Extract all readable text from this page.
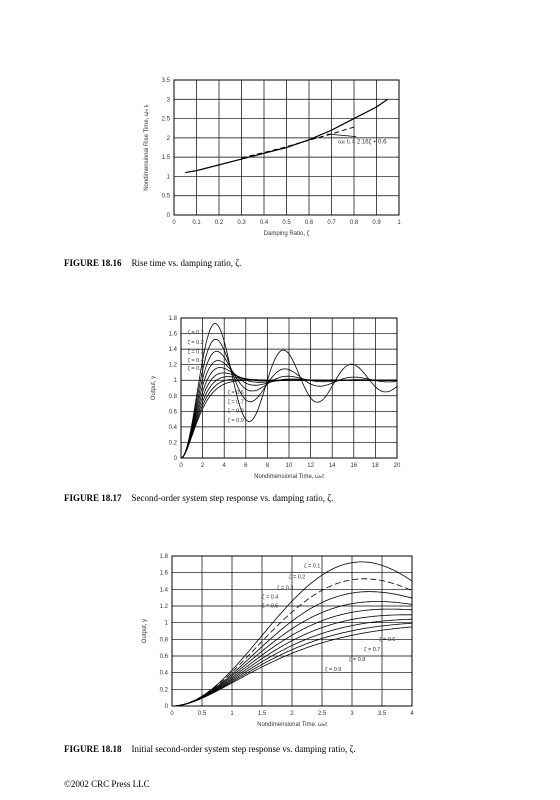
0	0.1 0.2 0.3 0.4 0.5 0.6 0.7 0.8 0.9	1
0
0.5
1
1.5
2
2.5
3
3.5
Damping Ratio, ζ
Nondimensional Rise Time, ωₙ tᵣ	ωₙ tᵣ = 2.16ζ + 0.6
FIGURE 18.16 Rise time vs. damping ratio, ζ.
0	2	4	6	8	10 12 14 16 18 20
0
0.2
0.4
0.6
0.8
1
1.2
1.4
1.6
1.8
Nondimensional Time, ωₙt
Output, y
ζ = 0.1
ζ = 0.2
ζ = 0.3
ζ = 0.4
ζ = 0.5
ζ = 0.6
ζ = 0.7
ζ = 0.8
ζ = 0.9
FIGURE 18.17 Second-order system step response vs. damping ratio, ζ.
0	0.5	1	1.5	2	2.5	3	3.5	4
0
0.2
0.4
0.6
0.8
1
1.2
1.4
1.6
1.8
Nondimensional Time, ωₙt
Output, y
ζ = 0.1
ζ = 0.2
ζ = 0.3
ζ = 0.4
ζ = 0.5
ζ = 0.6
ζ = 0.7
ζ = 0.8
ζ = 0.9
FIGURE 18.18 Initial second-order system step response vs. damping ratio, ζ.
©2002 CRC Press LLC
